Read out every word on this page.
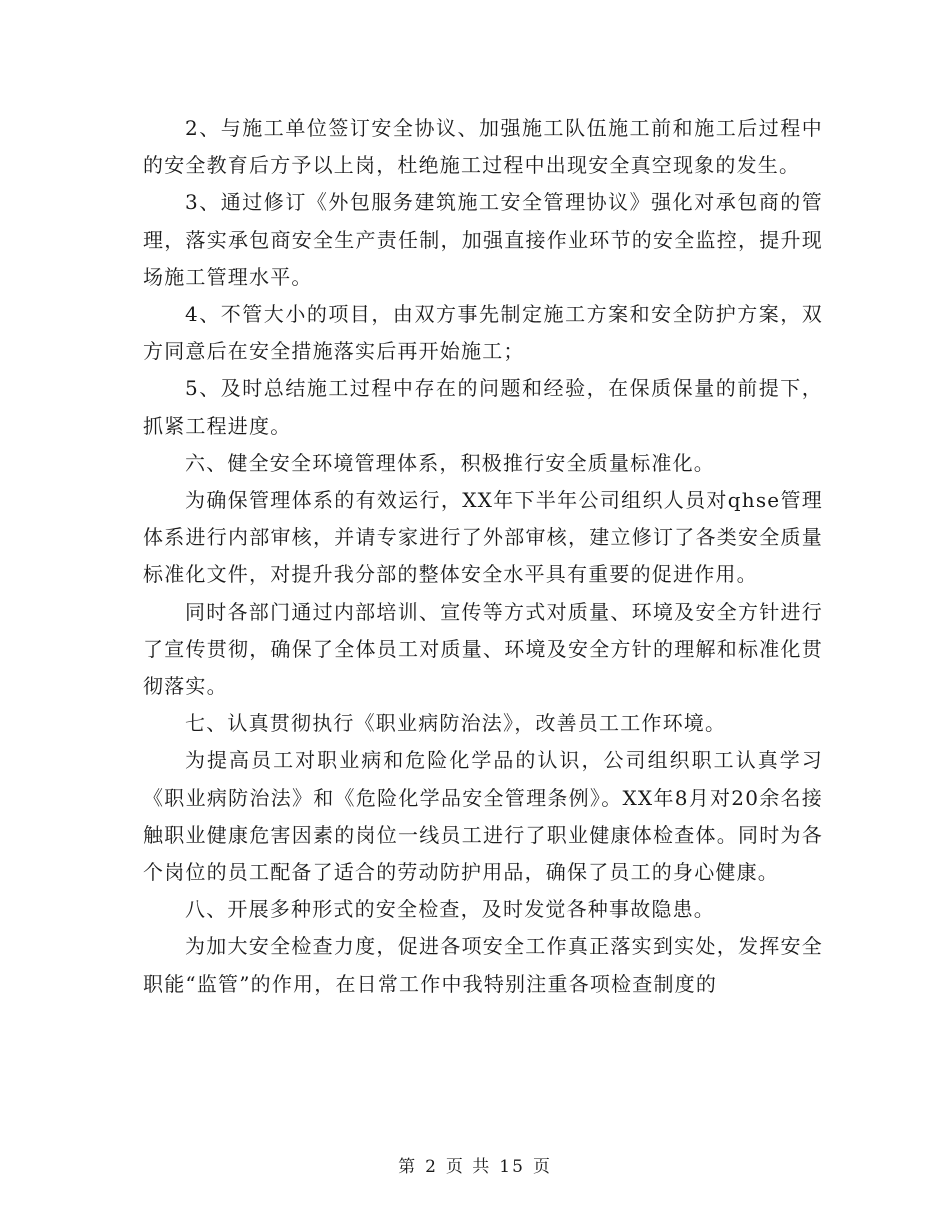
2、与施工单位签订安全协议、加强施工队伍施工前和施工后过程中的安全教育后方予以上岗，杜绝施工过程中出现安全真空现象的发生。

3、通过修订《外包服务建筑施工安全管理协议》强化对承包商的管理，落实承包商安全生产责任制，加强直接作业环节的安全监控，提升现场施工管理水平。

4、不管大小的项目，由双方事先制定施工方案和安全防护方案，双方同意后在安全措施落实后再开始施工；

5、及时总结施工过程中存在的问题和经验，在保质保量的前提下，抓紧工程进度。

六、健全安全环境管理体系，积极推行安全质量标准化。

为确保管理体系的有效运行，XX年下半年公司组织人员对qhse管理体系进行内部审核，并请专家进行了外部审核，建立修订了各类安全质量标准化文件，对提升我分部的整体安全水平具有重要的促进作用。

同时各部门通过内部培训、宣传等方式对质量、环境及安全方针进行了宣传贯彻，确保了全体员工对质量、环境及安全方针的理解和标准化贯彻落实。

七、认真贯彻执行《职业病防治法》，改善员工工作环境。

为提高员工对职业病和危险化学品的认识，公司组织职工认真学习《职业病防治法》和《危险化学品安全管理条例》。XX年8月对20余名接触职业健康危害因素的岗位一线员工进行了职业健康体检查体。同时为各个岗位的员工配备了适合的劳动防护用品，确保了员工的身心健康。

八、开展多种形式的安全检查，及时发觉各种事故隐患。

为加大安全检查力度，促进各项安全工作真正落实到实处，发挥安全职能“监管”的作用，在日常工作中我特别注重各项检查制度的

第 2 页 共 15 页
